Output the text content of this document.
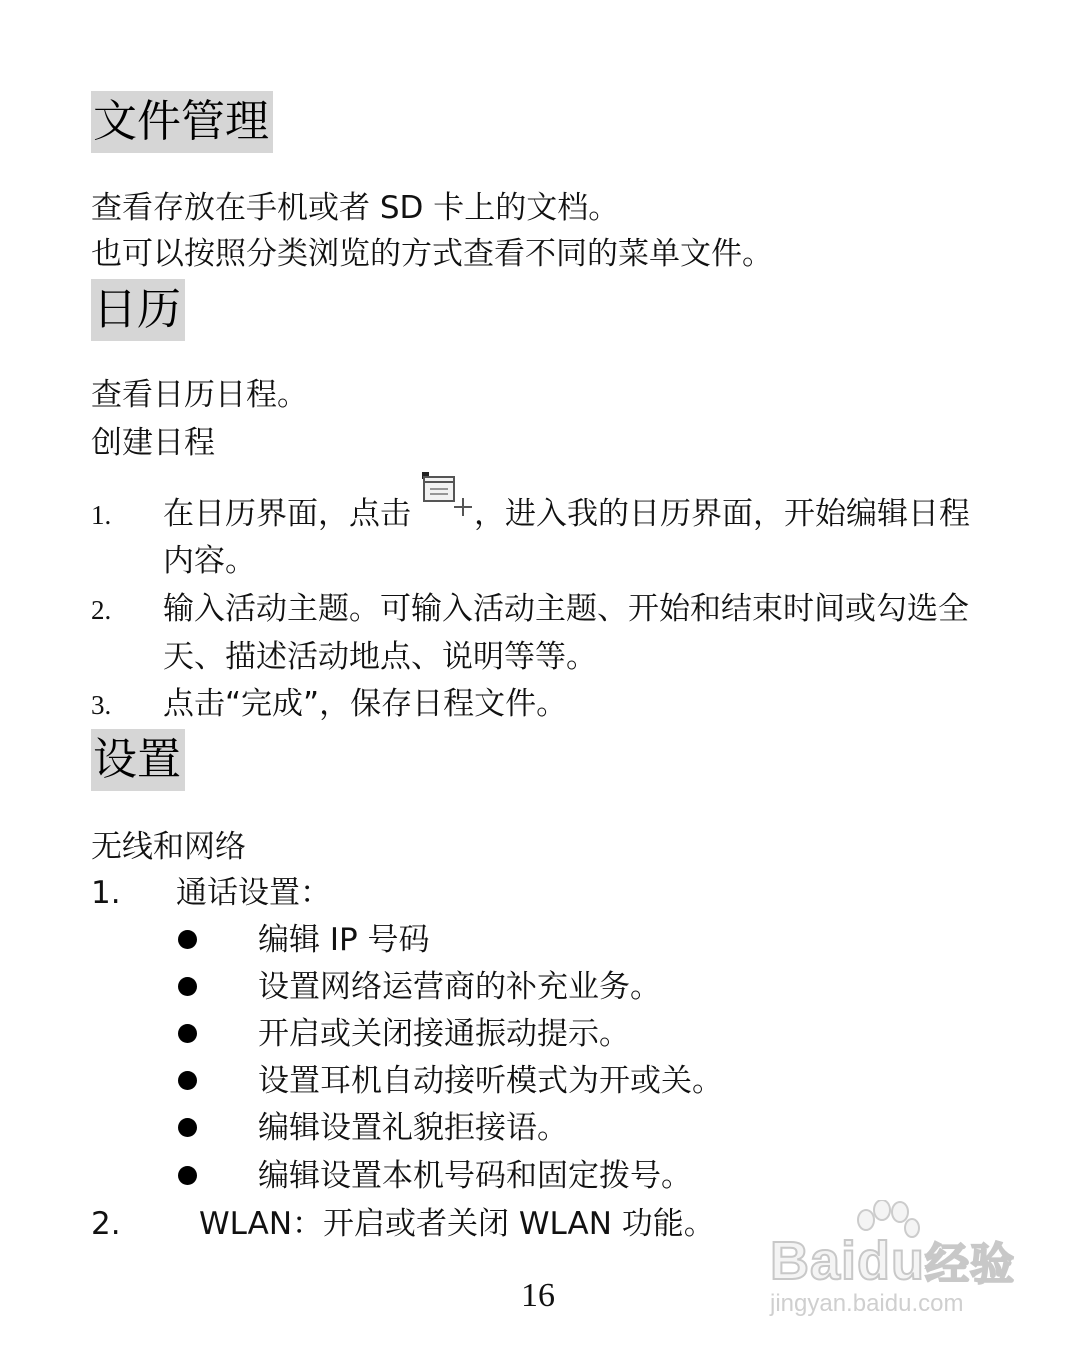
文件管理
查看存放在手机或者 SD 卡上的文档。
也可以按照分类浏览的方式查看不同的菜单文件。
日历
查看日历日程。
创建日程
1. 在日历界面，点击 ，进入我的日历界面，开始编辑日程
内容。
2. 输入活动主题。可输入活动主题、开始和结束时间或勾选全
天、描述活动地点、说明等等。
3. 点击“完成”，保存日程文件。
设置
无线和网络
1. 通话设置：
编辑 IP 号码
设置网络运营商的补充业务。
开启或关闭接通振动提示。
设置耳机自动接听模式为开或关。
编辑设置礼貌拒接语。
编辑设置本机号码和固定拨号。
2.	WLAN：开启或者关闭 WLAN 功能。
16
Baidu经验
jingyan.baidu.com
